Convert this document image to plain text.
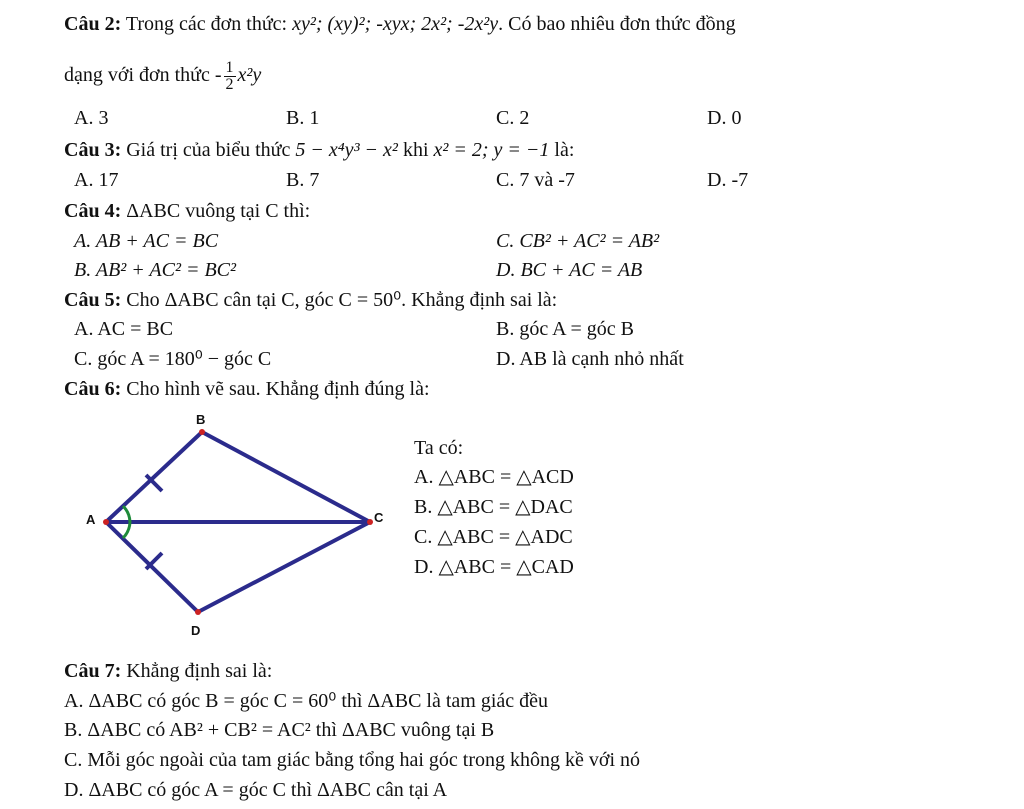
Câu 2: Trong các đơn thức: xy²; (xy)²; -xyx; 2x²; -2x²y. Có bao nhiêu đơn thức đồng
dạng với đơn thức - $\frac{1}{2} x^2y$
A. 3	B. 1	C. 2	D. 0
Câu 3: Giá trị của biểu thức 5 − x⁴y³ − x² khi x² = 2; y = −1 là:
A. 17	B. 7	C. 7 và -7	D. -7
Câu 4: ΔABC vuông tại C thì:
A. AB + AC = BC	C. CB² + AC² = AB²
B. AB² + AC² = BC²	D. BC + AC = AB
Câu 5: Cho ΔABC cân tại C, góc C = 50⁰. Khẳng định sai là:
A. AC = BC	B. góc A = góc B
C. góc A = 180⁰ − góc C	D. AB là cạnh nhỏ nhất
Câu 6: Cho hình vẽ sau. Khẳng định đúng là:
B
A	C
D
Ta có:
A. △ABC = △ACD
B. △ABC = △DAC
C. △ABC = △ADC
D. △ABC = △CAD
Câu 7: Khẳng định sai là:
A. ΔABC có góc B = góc C = 60⁰ thì ΔABC là tam giác đều
B. ΔABC có AB² + CB² = AC² thì ΔABC vuông tại B
C. Mỗi góc ngoài của tam giác bằng tổng hai góc trong không kề với nó
D. ΔABC có góc A = góc C thì ΔABC cân tại A
